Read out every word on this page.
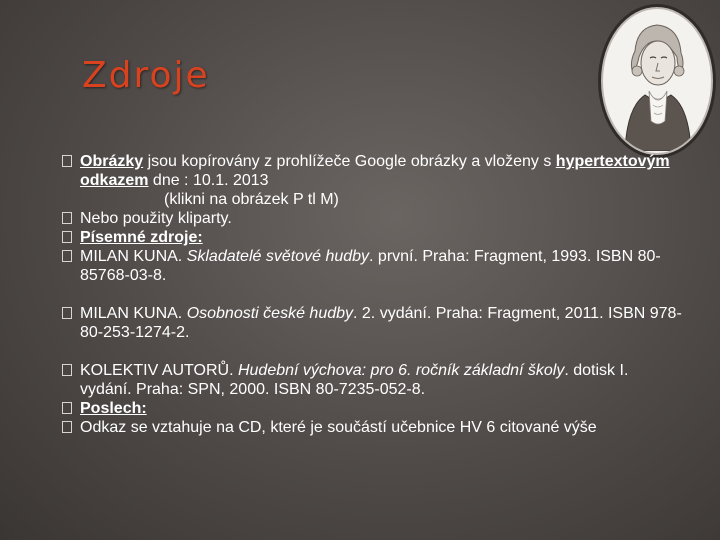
Zdroje
Obrázky jsou kopírovány z prohlížeče Google obrázky a vloženy s hypertextovým odkazem dne : 10.1. 2013
(klikni na obrázek P tl M)
Nebo použity kliparty.
Písemné zdroje:
MILAN KUNA. Skladatelé světové hudby. první. Praha: Fragment, 1993. ISBN 80-85768-03-8.
MILAN KUNA. Osobnosti české hudby. 2. vydání. Praha: Fragment, 2011. ISBN 978-80-253-1274-2.
KOLEKTIV AUTORŮ. Hudební výchova: pro 6. ročník základní školy. dotisk I. vydání. Praha: SPN, 2000. ISBN 80-7235-052-8.
Poslech:
Odkaz se vztahuje na CD, které je součástí učebnice HV 6 citované výše
